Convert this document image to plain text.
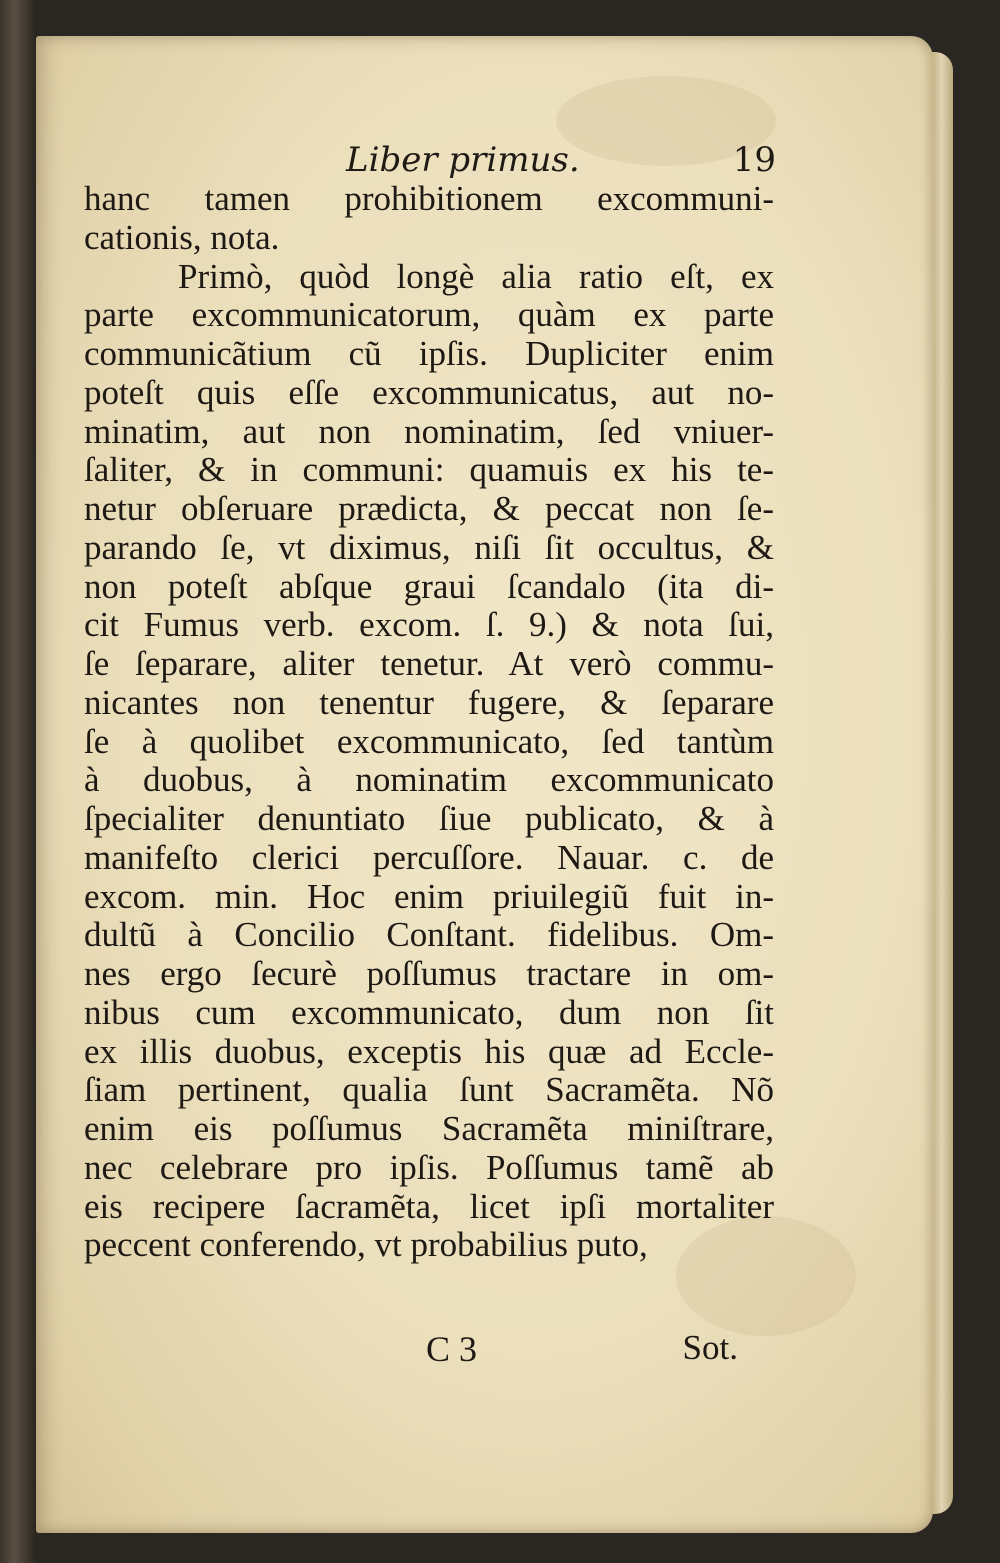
Liber primus.	19
hanc tamen prohibitionem excommuni-
cationis, nota.
Primò, quòd longè alia ratio eſt, ex
parte excommunicatorum, quàm ex parte
communicãtium cũ ipſis. Dupliciter enim
poteſt quis eſſe excommunicatus, aut no-
minatim, aut non nominatim, ſed vniuer-
ſaliter, & in communi: quamuis ex his te-
netur obſeruare prædicta, & peccat non ſe-
parando ſe, vt diximus, niſi ſit occultus, &
non poteſt abſque graui ſcandalo (ita di-
cit Fumus verb. excom. ſ. 9.) & nota ſui,
ſe ſeparare, aliter tenetur. At verò commu-
nicantes non tenentur fugere, & ſeparare
ſe à quolibet excommunicato, ſed tantùm
à duobus, à nominatim excommunicato
ſpecialiter denuntiato ſiue publicato, & à
manifeſto clerici percuſſore. Nauar. c. de
excom. min. Hoc enim priuilegiũ fuit in-
dultũ à Concilio Conſtant. fidelibus. Om-
nes ergo ſecurè poſſumus tractare in om-
nibus cum excommunicato, dum non ſit
ex illis duobus, exceptis his quæ ad Eccle-
ſiam pertinent, qualia ſunt Sacramẽta. Nõ
enim eis poſſumus Sacramẽta miniſtrare,
nec celebrare pro ipſis. Poſſumus tamẽ ab
eis recipere ſacramẽta, licet ipſi mortaliter
peccent conferendo, vt probabilius puto,
C 3	Sot.
